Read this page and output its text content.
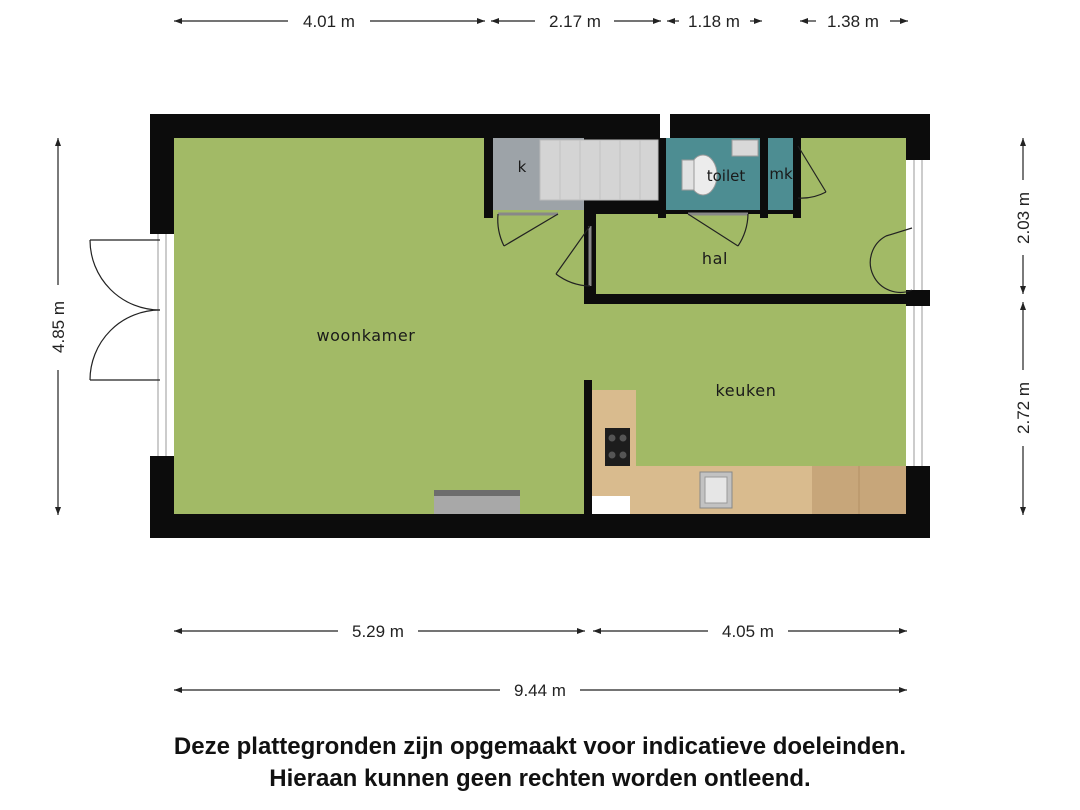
4.01 m	2.17 m	1.18 m	1.38 m
4.85 m
2.03 m
2.72 m
woonkamer
keuken
hal
toilet mk
k
5.29 m	4.05 m
9.44 m
Deze plattegronden zijn opgemaakt voor indicatieve doeleinden.
Hieraan kunnen geen rechten worden ontleend.
